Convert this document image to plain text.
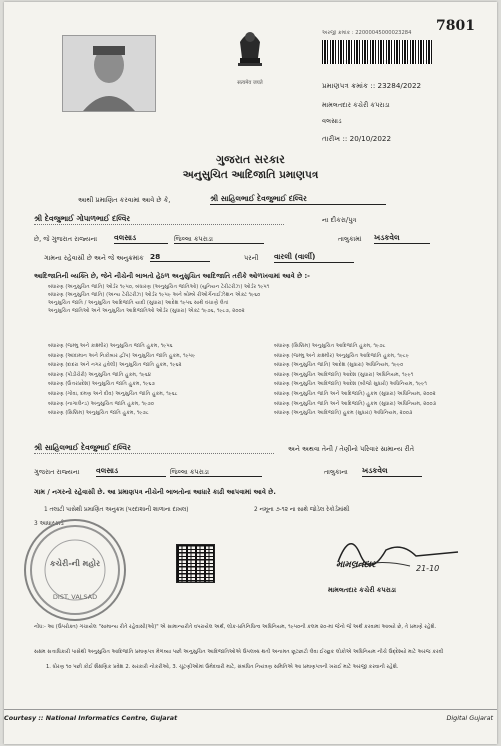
7801
सत्यमेव जयते
અરજી ક્રમાંક : 22000045000023284
પ્રમાણપત્ર ક્રમાંક :: 23284/2022
મામલતદાર કચેરી કપરાડા
વલસાડ
તારીખ :: 20/10/2022
ગુજરાત સરકાર
અનુસુચિત આદિજાતિ પ્રમાણપત્ર
આથી પ્રમાણિત કરવામાં આવે છે કે,	શ્રી સાહિલભાઈ દેવજુભાઈ દલ્વિર
શ્રી દેવજુભાઈ ગોપાળભાઈ દલ્વિર	ના દીકરા/પુત્ર
છે, જે ગુજરાત રાજ્યના વલસાડ	જિલ્લા કપરાડા	તાલુકામાં ખડકવેલ
ગામના રહેવાસી છે અને જે અનુક્રમાંક 28	પરની વારલી (વાર્લી)
આદિજાતિની વ્યક્તિ છે, જેને નીચેની બાબતો હેઠળ અનુસુચિત આદિજાતિ તરીકે ઓળખવામાં આવે છે :-
બંધારણ (અનુસુચિત જાતિ) ઓર્ડર ૧૯૫૦, બંધારણ (અનુસુચિત જાતિઓ) (યુનિયન ટેરીટરીઝ) ઓર્ડર ૧૯૫૧
બંધારણ (અનુસુચિત જાતિ) (અન્ય ટેરીટરીઝ) ઓર્ડર ૧૯૫૯ અને બોમ્બે રીઓર્ગેનાઈઝેશન એક્ટ ૧૯૬૦
અનુસુચિત જાતિ / અનુસુચિત આદિજાતિ યાદી (સુધારા) આદેશ ૧૯૫૬ સાથે વંચાણે લેતાં
અનુસુચિત જાતિઓ અને અનુસુચિત આદિજાતિઓ ઓર્ડર (સુધારા) એક્ટ ૧૯૭૬, ૧૯૮૭, ૨૦૦૨
બંધારણ (જમ્મુ અને કાશ્મીર) અનુસુચિત જાતિ હુકમ, ૧૯૫૬
બંધારણ (આંદામાન અને નિકોબાર દ્વીપ) અનુસુચિત જાતિ હુકમ, ૧૯૫૯
બંધારણ (દાદરા અને નગર હવેલી) અનુસુચિત જાતિ હુકમ, ૧૯૬૨
બંધારણ (પોંડીચેરી) અનુસુચિત જાતિ હુકમ, ૧૯૬૪
બંધારણ (ઉત્તરપ્રદેશ) અનુસુચિત જાતિ હુકમ, ૧૯૬૭
બંધારણ (ગોવા, દમણ અને દીવ) અનુસુચિત જાતિ હુકમ, ૧૯૬૮
બંધારણ (નાગાલેન્ડ) અનુસુચિત જાતિ હુકમ, ૧૯૭૦
બંધારણ (સિક્કિમ) અનુસુચિત જાતિ હુકમ, ૧૯૭૮
બંધારણ (સિક્કિમ) અનુસુચિત આદિજાતિ હુકમ, ૧૯૭૮
બંધારણ (જમ્મુ અને કાશ્મીર) અનુસુચિત આદિજાતિ હુકમ, ૧૯૮૯
બંધારણ (અનુસુચિત જાતિ) આદેશ (સુધારા) અધિનિયમ, ૧૯૯૦
બંધારણ (અનુસુચિત આદિજાતિ) આદેશ (સુધારા) અધિનિયમ, ૧૯૯૧
બંધારણ (અનુસુચિત આદિજાતિ) આદેશ (બીજો સુધારો) અધિનિયમ, ૧૯૯૧
બંધારણ (અનુસુચિત જાતિ અને આદિજાતિ) હુકમ (સુધારા) અધિનિયમ, ૨૦૦૨
બંધારણ (અનુસુચિત જાતિ અને આદિજાતિ) હુકમ (સુધારા) અધિનિયમ, ૨૦૦૩
બંધારણ (અનુસુચિત આદિજાતિ) હુકમ (સુધારા) અધિનિયમ, ૨૦૦૩
શ્રી સાહિલભાઈ દેવજુભાઈ દલ્વિર	અને અથવા તેની / તેણીનો પરિવાર સામાન્ય રીતે
ગુજરાત રાજ્યના વલસાડ	જિલ્લા કપરાડા	તાલુકાના ખડકવેલ
ગામ / નગરનો રહેવાસી છે. આ પ્રમાણપત્ર નીચેની બાબતોના આધારે કાઢી આપવામાં આવે છે.
1 તલાટી પાસેથી પ્રમાણિત અનુક્રમ (પરદાશાની શાળાના દાખલ)	2 નમૂના ૭-૧૨ ના સાથે જોડેલ રેકોર્ડમાંથી
3 આધારકાર્ડ
કચેરી-ની મહોર
DIST. VALSAD
મામલતદાર	21-10
મામલતદાર કચેરી કપરાડા
નોંધ:- આ (ઉપરોક્ત) ગંચાયેલ "સામાન્ય રીતે રહેવાસી(ઓ)" એ સામાન્યરીતે વપરાયેલ અર્થ, લોક-પ્રતિનિધિત્વ અધિનિયમ, ૧૯૫૦ની કલમ ૨૦-માં જેનો જે અર્થ કરવામાં આવ્યો છે, તે પ્રમાણે રહેશે.
સક્ષમ સત્તાધિકારી પાસેથી અનુસુચિત આદિજાતિ પ્રમાણપત્ર મેળવ્યા પછી અનુસુચિત આદિજાતિઓએ ઉપલબ્ધ થતી અનામત છૂટછાટો લેવા ઈચ્છુક લોકોએ અધિનિયમ નીચે ઉદ્દેશ્યો માટે અરજ કરવી
1. ધોરણ ૧૦ પછી કોઈ શૈક્ષણિક પ્રવેશ 2. સરકારી નોકરીઓ, 3. ચૂંટણીઓમાં ઉમેદવારી માટે, સંબંધિત નિયંત્રણ સમિતિએ આ પ્રમાણપત્રની ખરાઈ માટે અરજી કરવાની રહેશે.
Courtesy :: National Informatics Centre, Gujarat	Digital Gujarat
